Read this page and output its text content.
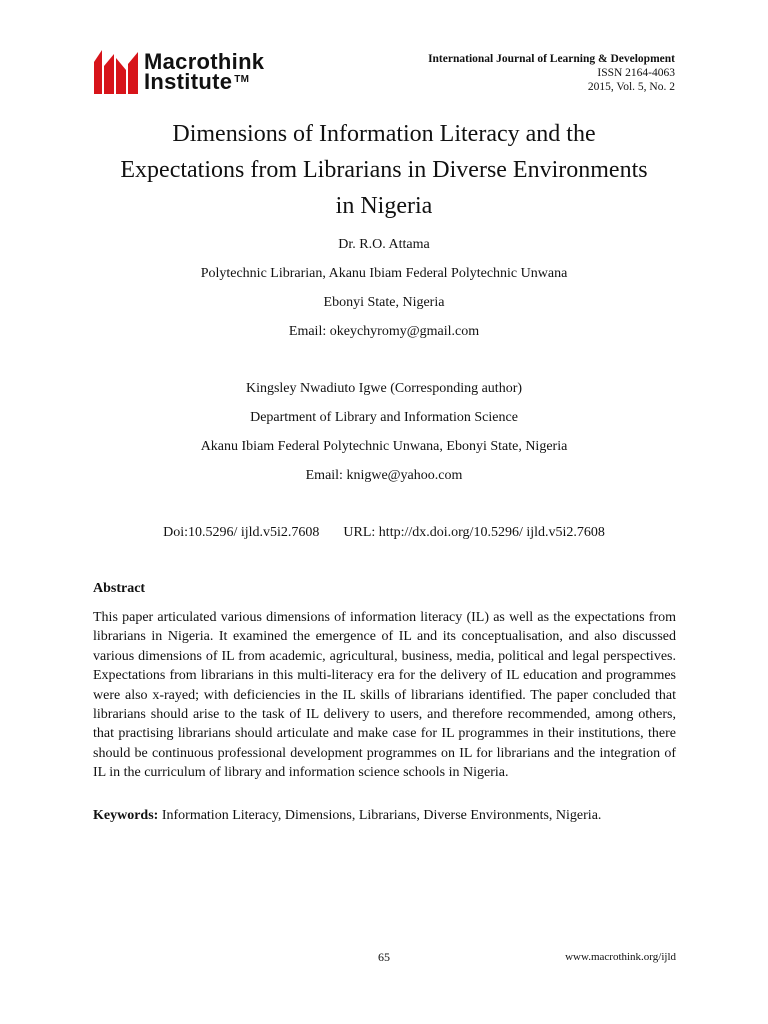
Macrothink
Institute ™
International Journal of Learning & Development
ISSN 2164-4063
2015, Vol. 5, No. 2
Dimensions of Information Literacy and the
Expectations from Librarians in Diverse Environments
in Nigeria
Dr. R.O. Attama
Polytechnic Librarian, Akanu Ibiam Federal Polytechnic Unwana
Ebonyi State, Nigeria
Email: okeychyromy@gmail.com
Kingsley Nwadiuto Igwe (Corresponding author)
Department of Library and Information Science
Akanu Ibiam Federal Polytechnic Unwana, Ebonyi State, Nigeria
Email: knigwe@yahoo.com
Doi:10.5296/ ijld.v5i2.7608 URL: http://dx.doi.org/10.5296/ ijld.v5i2.7608
Abstract

This paper articulated various dimensions of information literacy (IL) as well as the expectations from librarians in Nigeria. It examined the emergence of IL and its conceptualisation, and also discussed various dimensions of IL from academic, agricultural, business, media, political and legal perspectives. Expectations from librarians in this multi-literacy era for the delivery of IL education and programmes were also x-rayed; with deficiencies in the IL skills of librarians identified. The paper concluded that librarians should arise to the task of IL delivery to users, and therefore recommended, among others, that practising librarians should articulate and make case for IL programmes in their institutions, there should be continuous professional development programmes on IL for librarians and the integration of IL in the curriculum of library and information science schools in Nigeria.

Keywords: Information Literacy, Dimensions, Librarians, Diverse Environments, Nigeria.
65	www.macrothink.org/ijld
